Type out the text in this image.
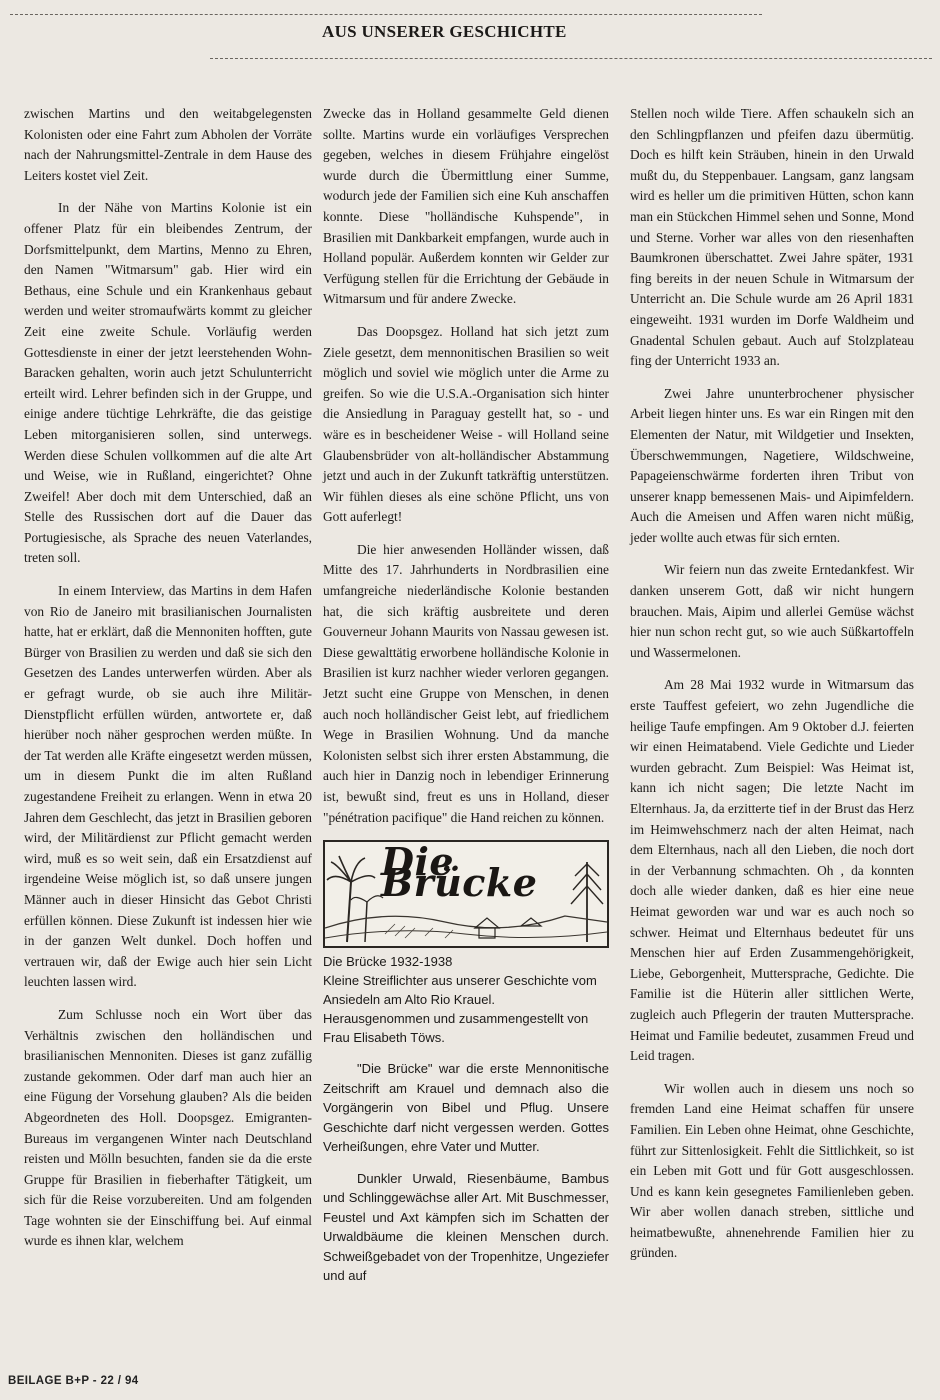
AUS UNSERER GESCHICHTE

zwischen Martins und den weitabgelegensten Kolonisten oder eine Fahrt zum Abholen der Vorräte nach der Nahrungsmittel-Zentrale in dem Hause des Leiters kostet viel Zeit.

In der Nähe von Martins Kolonie ist ein offener Platz für ein bleibendes Zentrum, der Dorfsmittelpunkt, dem Martins, Menno zu Ehren, den Namen "Witmarsum" gab. Hier wird ein Bethaus, eine Schule und ein Krankenhaus gebaut werden und weiter stromaufwärts kommt zu gleicher Zeit eine zweite Schule. Vorläufig werden Gottesdienste in einer der jetzt leerstehenden Wohn-Baracken gehalten, worin auch jetzt Schulunterricht erteilt wird. Lehrer befinden sich in der Gruppe, und einige andere tüchtige Lehrkräfte, die das geistige Leben mitorganisieren sollen, sind unterwegs. Werden diese Schulen vollkommen auf die alte Art und Weise, wie in Rußland, eingerichtet? Ohne Zweifel! Aber doch mit dem Unterschied, daß an Stelle des Russischen dort auf die Dauer das Portugiesische, als Sprache des neuen Vaterlandes, treten soll.

In einem Interview, das Martins in dem Hafen von Rio de Janeiro mit brasilianischen Journalisten hatte, hat er erklärt, daß die Mennoniten hofften, gute Bürger von Brasilien zu werden und daß sie sich den Gesetzen des Landes unterwerfen würden. Aber als er gefragt wurde, ob sie auch ihre Militär-Dienstpflicht erfüllen würden, antwortete er, daß hierüber noch näher gesprochen werden müßte. In der Tat werden alle Kräfte eingesetzt werden müssen, um in diesem Punkt die im alten Rußland zugestandene Freiheit zu erlangen. Wenn in etwa 20 Jahren dem Geschlecht, das jetzt in Brasilien geboren wird, der Militärdienst zur Pflicht gemacht werden wird, muß es so weit sein, daß ein Ersatzdienst auf irgendeine Weise möglich ist, so daß unsere jungen Männer auch in dieser Hinsicht das Gebot Christi erfüllen können. Diese Zukunft ist indessen hier wie in der ganzen Welt dunkel. Doch hoffen und vertrauen wir, daß der Ewige auch hier sein Licht leuchten lassen wird.

Zum Schlusse noch ein Wort über das Verhältnis zwischen den holländischen und brasilianischen Mennoniten. Dieses ist ganz zufällig zustande gekommen. Oder darf man auch hier an eine Fügung der Vorsehung glauben? Als die beiden Abgeordneten des Holl. Doopsgez. Emigranten-Bureaus im vergangenen Winter nach Deutschland reisten und Mölln besuchten, fanden sie da die erste Gruppe für Brasilien in fieberhafter Tätigkeit, um sich für die Reise vorzubereiten. Und am folgenden Tage wohnten sie der Einschiffung bei. Auf einmal wurde es ihnen klar, welchem

Zwecke das in Holland gesammelte Geld dienen sollte. Martins wurde ein vorläufiges Versprechen gegeben, welches in diesem Frühjahre eingelöst wurde durch die Übermittlung einer Summe, wodurch jede der Familien sich eine Kuh anschaffen konnte. Diese "holländische Kuhspende", in Brasilien mit Dankbarkeit empfangen, wurde auch in Holland populär. Außerdem konnten wir Gelder zur Verfügung stellen für die Errichtung der Gebäude in Witmarsum und für andere Zwecke.

Das Doopsgez. Holland hat sich jetzt zum Ziele gesetzt, dem mennonitischen Brasilien so weit möglich und soviel wie möglich unter die Arme zu greifen. So wie die U.S.A.-Organisation sich hinter die Ansiedlung in Paraguay gestellt hat, so - und wäre es in bescheidener Weise - will Holland seine Glaubensbrüder von alt-holländischer Abstammung jetzt und auch in der Zukunft tatkräftig unterstützen. Wir fühlen dieses als eine schöne Pflicht, uns von Gott auferlegt!

Die hier anwesenden Holländer wissen, daß Mitte des 17. Jahrhunderts in Nordbrasilien eine umfangreiche niederländische Kolonie bestanden hat, die sich kräftig ausbreitete und deren Gouverneur Johann Maurits von Nassau gewesen ist. Diese gewalttätig erworbene holländische Kolonie in Brasilien ist kurz nachher wieder verloren gegangen. Jetzt sucht eine Gruppe von Menschen, in denen auch noch holländischer Geist lebt, auf friedlichem Wege in Brasilien Wohnung. Und da manche Kolonisten selbst sich ihrer ersten Abstammung, die auch hier in Danzig noch in lebendiger Erinnerung ist, bewußt sind, freut es uns in Holland, dieser "pénétration pacifique" die Hand reichen zu können.

Die Brücke
Die Brücke 1932-1938
Kleine Streiflichter aus unserer Geschichte vom Ansiedeln am Alto Rio Krauel.
Herausgenommen und zusammengestellt von Frau Elisabeth Töws.

"Die Brücke" war die erste Mennonitische Zeitschrift am Krauel und demnach also die Vorgängerin von Bibel und Pflug. Unsere Geschichte darf nicht vergessen werden. Gottes Verheißungen, ehre Vater und Mutter.

Dunkler Urwald, Riesenbäume, Bambus und Schlinggewächse aller Art. Mit Buschmesser, Feustel und Axt kämpfen sich im Schatten der Urwaldbäume die kleinen Menschen durch. Schweißgebadet von der Tropenhitze, Ungeziefer und auf

Stellen noch wilde Tiere. Affen schaukeln sich an den Schlingpflanzen und pfeifen dazu übermütig. Doch es hilft kein Sträuben, hinein in den Urwald mußt du, du Steppenbauer. Langsam, ganz langsam wird es heller um die primitiven Hütten, schon kann man ein Stückchen Himmel sehen und Sonne, Mond und Sterne. Vorher war alles von den riesenhaften Baumkronen überschattet. Zwei Jahre später, 1931 fing bereits in der neuen Schule in Witmarsum der Unterricht an. Die Schule wurde am 26 April 1831 eingeweiht. 1931 wurden im Dorfe Waldheim und Gnadental Schulen gebaut. Auch auf Stolzplateau fing der Unterricht 1933 an.

Zwei Jahre ununterbrochener physischer Arbeit liegen hinter uns. Es war ein Ringen mit den Elementen der Natur, mit Wildgetier und Insekten, Überschwemmungen, Nagetiere, Wildschweine, Papageienschwärme forderten ihren Tribut von unserer knapp bemessenen Mais- und Aipimfeldern. Auch die Ameisen und Affen waren nicht müßig, jeder wollte auch etwas für sich ernten.

Wir feiern nun das zweite Erntedankfest. Wir danken unserem Gott, daß wir nicht hungern brauchen. Mais, Aipim und allerlei Gemüse wächst hier nun schon recht gut, so wie auch Süßkartoffeln und Wassermelonen.

Am 28 Mai 1932 wurde in Witmarsum das erste Tauffest gefeiert, wo zehn Jugendliche die heilige Taufe empfingen. Am 9 Oktober d.J. feierten wir einen Heimatabend. Viele Gedichte und Lieder wurden gebracht. Zum Beispiel: Was Heimat ist, kann ich nicht sagen; Die letzte Nacht im Elternhaus. Ja, da erzitterte tief in der Brust das Herz im Heimwehschmerz nach der alten Heimat, nach dem Elternhaus, nach all den Lieben, die noch dort in der Verbannung schmachten. Oh , da konnten doch alle wieder danken, daß es hier eine neue Heimat geworden war und war es auch noch so schwer. Heimat und Elternhaus bedeutet für uns Menschen hier auf Erden Zusammengehörigkeit, Liebe, Geborgenheit, Muttersprache, Gedichte. Die Familie ist die Hüterin aller sittlichen Werte, zugleich auch Pflegerin der trauten Muttersprache. Heimat und Familie bedeutet, zusammen Freud und Leid tragen.

Wir wollen auch in diesem uns noch so fremden Land eine Heimat schaffen für unsere Familien. Ein Leben ohne Heimat, ohne Geschichte, führt zur Sittenlosigkeit. Fehlt die Sittlichkeit, so ist ein Leben mit Gott und für Gott ausgeschlossen. Und es kann kein gesegnetes Familienleben geben. Wir aber wollen danach streben, sittliche und heimatbewußte, ahnenehrende Familien hier zu gründen.

BEILAGE B+P - 22 / 94
